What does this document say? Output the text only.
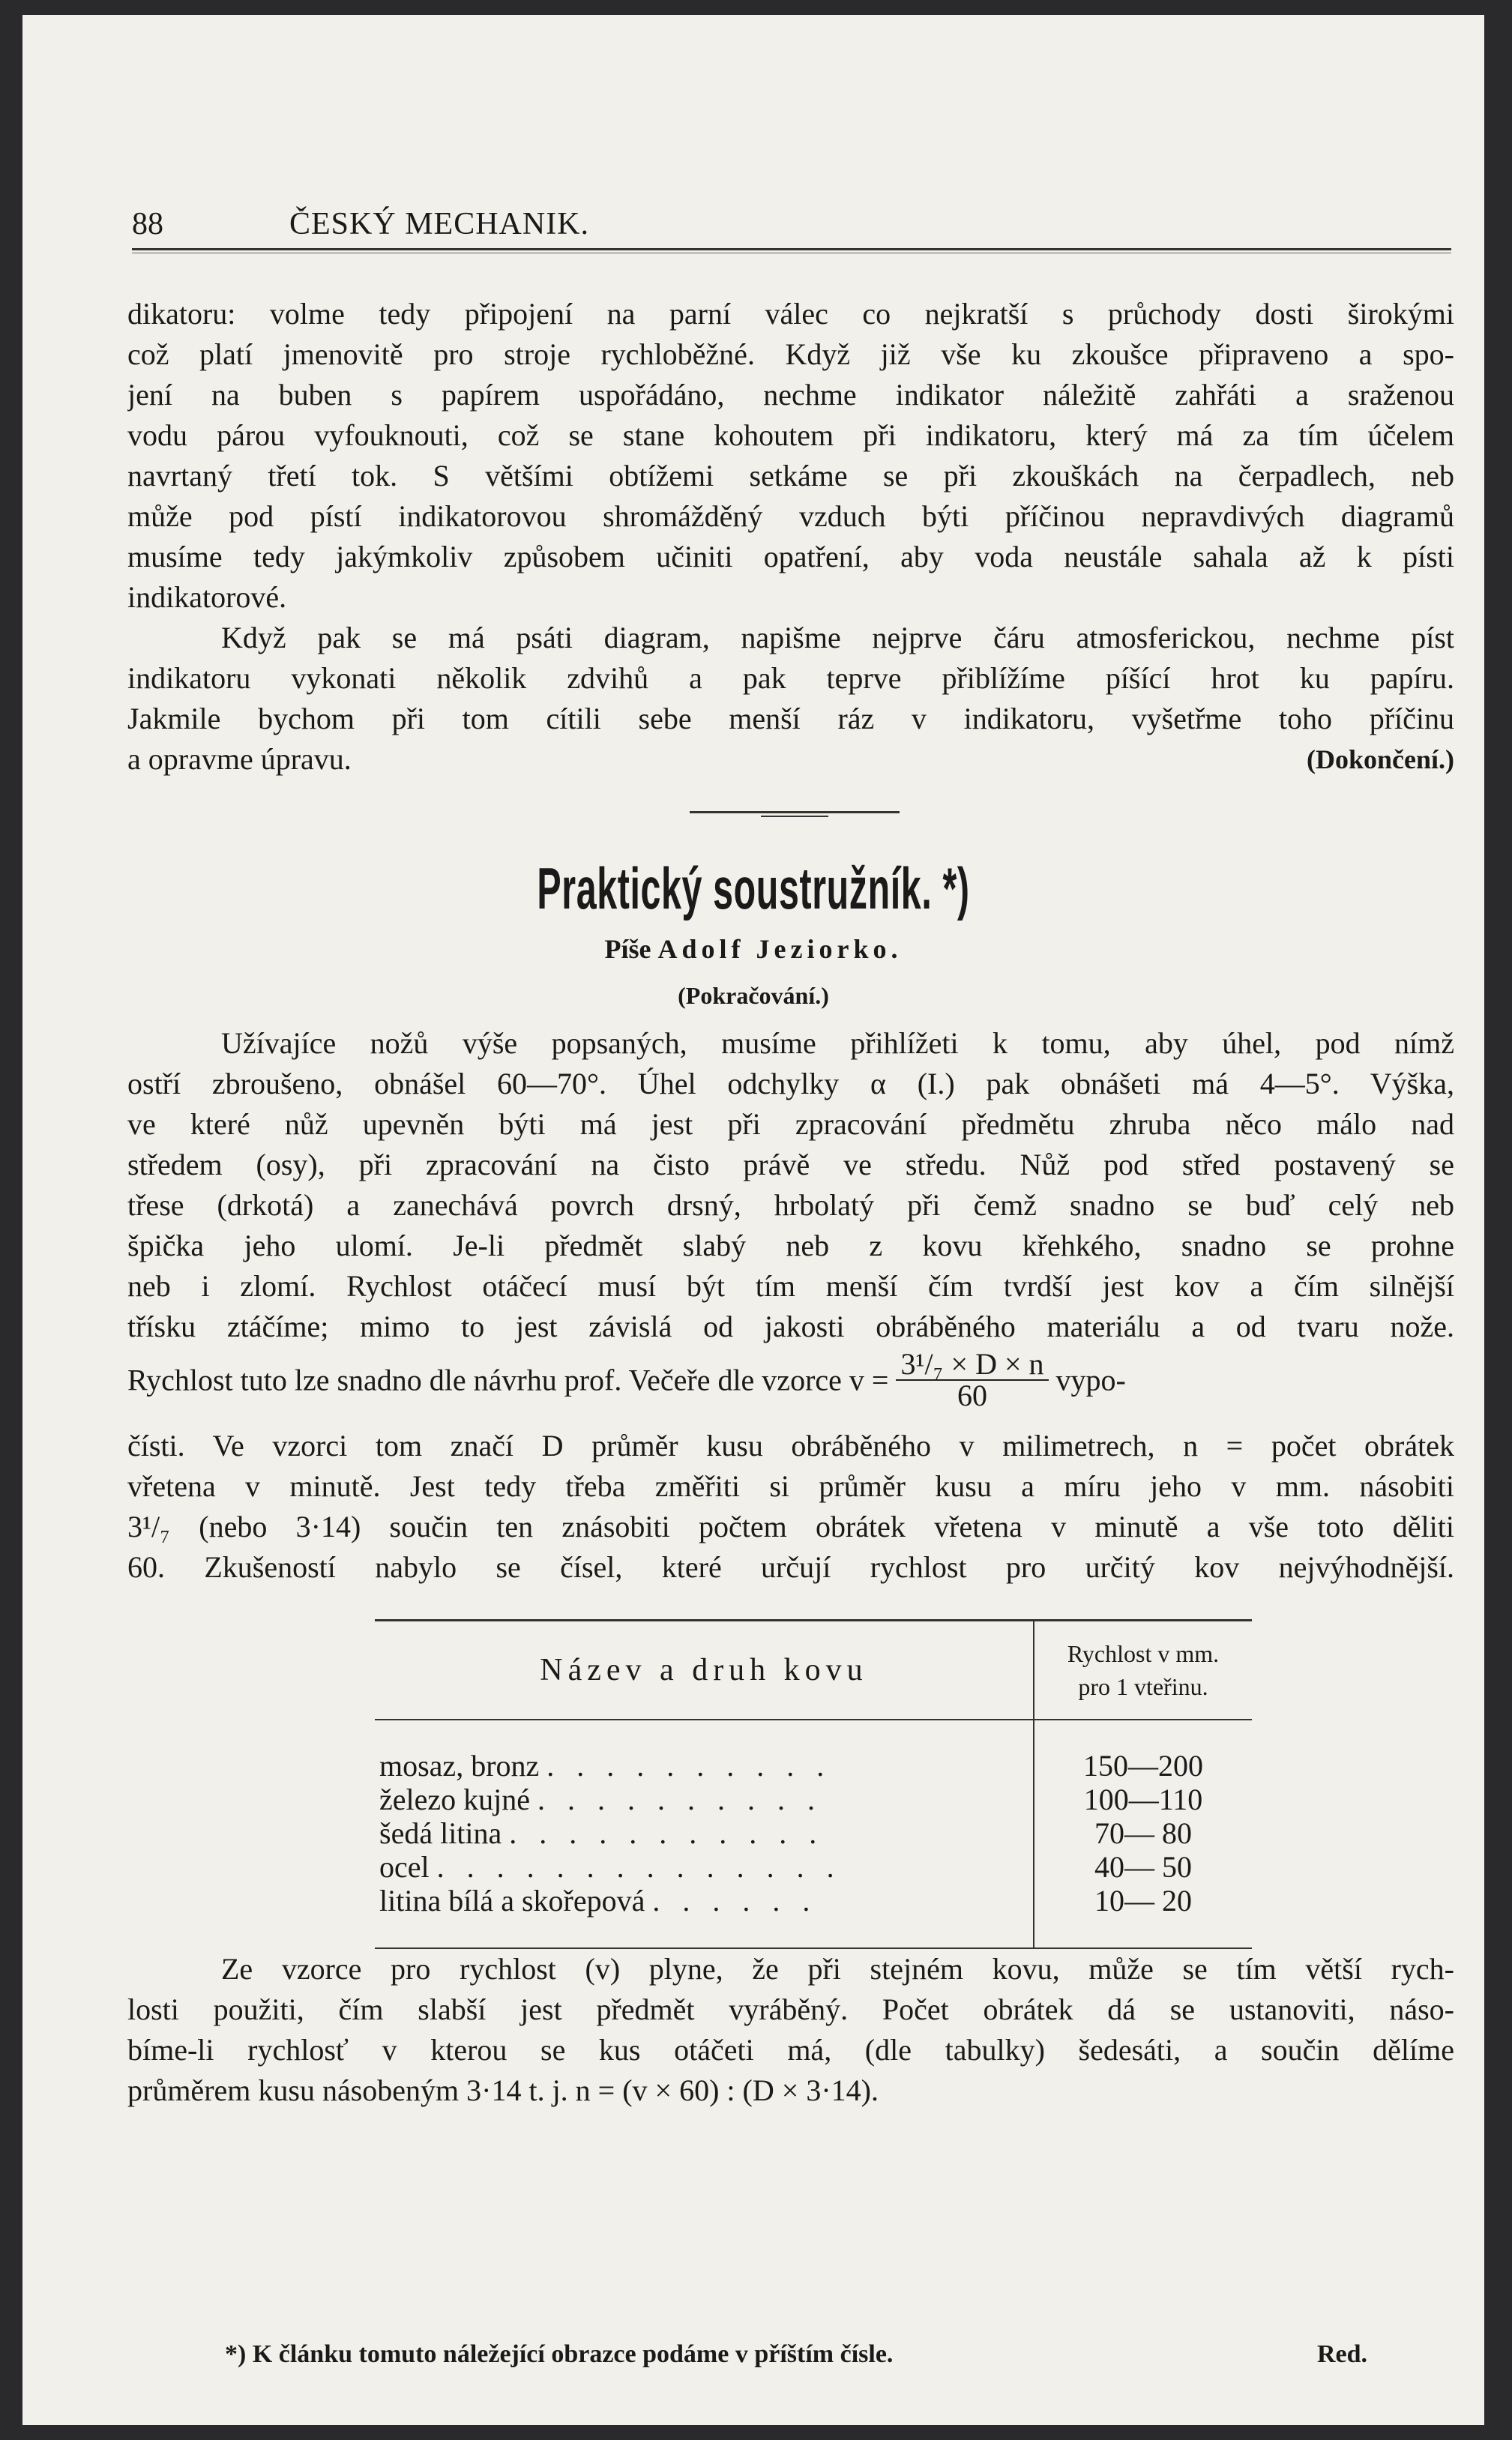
88	ČESKÝ MECHANIK.
dikatoru: volme tedy připojení na parní válec co nejkratší s průchody dosti širokými
což platí jmenovitě pro stroje rychloběžné. Když již vše ku zkoušce připraveno a spo-
jení na buben s papírem uspořádáno, nechme indikator náležitě zahřáti a sraženou
vodu párou vyfouknouti, což se stane kohoutem při indikatoru, který má za tím účelem
navrtaný třetí tok. S většími obtížemi setkáme se při zkouškách na čerpadlech, neb
může pod pístí indikatorovou shromážděný vzduch býti příčinou nepravdivých diagramů
musíme tedy jakýmkoliv způsobem učiniti opatření, aby voda neustále sahala až k písti
indikatorové.
Když pak se má psáti diagram, napišme nejprve čáru atmosferickou, nechme píst
indikatoru vykonati několik zdvihů a pak teprve přiblížíme píšící hrot ku papíru.
Jakmile bychom při tom cítili sebe menší ráz v indikatoru, vyšetřme toho příčinu
a opravme úpravu.	(Dokončení.)
Praktický soustružník. *)
Píše Adolf Jeziorko.
(Pokračování.)
Užívajíce nožů výše popsaných, musíme přihlížeti k tomu, aby úhel, pod nímž
ostří zbroušeno, obnášel 60—70°. Úhel odchylky α (I.) pak obnášeti má 4—5°. Výška,
ve které nůž upevněn býti má jest při zpracování předmětu zhruba něco málo nad
středem (osy), při zpracování na čisto právě ve středu. Nůž pod střed postavený se
třese (drkotá) a zanechává povrch drsný, hrbolatý při čemž snadno se buď celý neb
špička jeho ulomí. Je-li předmět slabý neb z kovu křehkého, snadno se prohne
neb i zlomí. Rychlost otáčecí musí být tím menší čím tvrdší jest kov a čím silnější
třísku ztáčíme; mimo to jest závislá od jakosti obráběného materiálu a od tvaru nože.
Rychlost tuto lze snadno dle návrhu prof. Večeře dle vzorce $v = \frac{\text{3¹/₇ × D × n}}{60}$ vypo-
čísti. Ve vzorci tom značí D průměr kusu obráběného v milimetrech, n = počet obrátek
vřetena v minutě. Jest tedy třeba změřiti si průměr kusu a míru jeho v mm. násobiti
3¹/₇ (nebo 3·14) součin ten znásobiti počtem obrátek vřetena v minutě a vše toto děliti
60. Zkušeností nabylo se čísel, které určují rychlost pro určitý kov nejvýhodnější.
Název a druh kovu	Rychlost v mm.
pro 1 vteřinu.

mosaz, bronz . . . . . . . . . .	150—200
železo kujné . . . . . . . . . .	100—110
šedá litina . . . . . . . . . . .	70— 80
ocel . . . . . . . . . . . . . .	40— 50
litina bílá a skořepová . . . . . .	10— 20
Ze vzorce pro rychlost (v) plyne, že při stejném kovu, může se tím větší rych-
losti použiti, čím slabší jest předmět vyráběný. Počet obrátek dá se ustanoviti, náso-
bíme-li rychlosť v kterou se kus otáčeti má, (dle tabulky) šedesáti, a součin dělíme
průměrem kusu násobeným 3·14 t. j. n = (v × 60) : (D × 3·14).
*) K článku tomuto náležející obrazce podáme v příštím čísle.	Red.
